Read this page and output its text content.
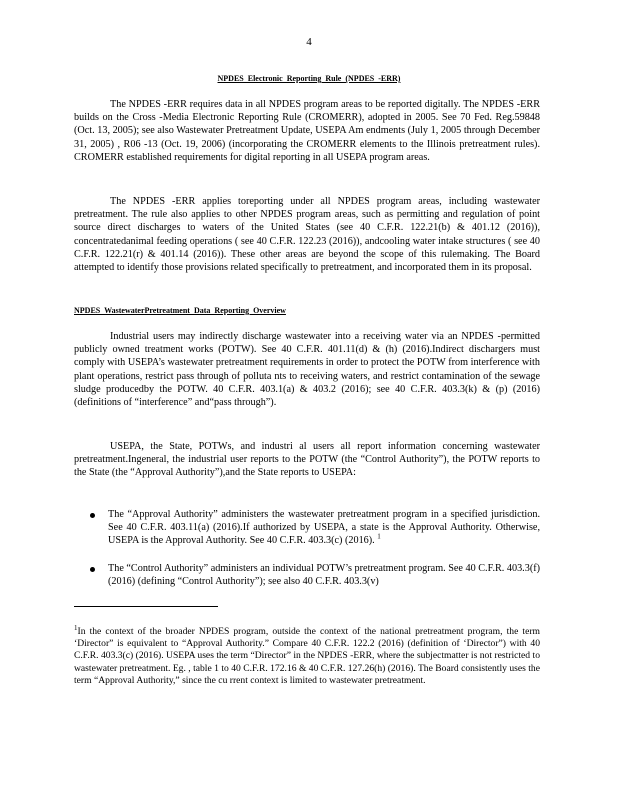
4
NPDES Electronic Reporting Rule (NPDES -ERR)

The NPDES -ERR requires data in all NPDES program areas to be reported digitally. The NPDES -ERR builds on the Cross -Media Electronic Reporting Rule (CROMERR), adopted in 2005. See 70 Fed. Reg.59848 (Oct. 13, 2005); see also Wastewater Pretreatment Update, USEPA Am endments (July 1, 2005 through December 31, 2005) , R06 -13 (Oct. 19, 2006) (incorporating the CROMERR elements to the Illinois pretreatment rules). CROMERR established requirements for digital reporting in all USEPA program areas.

The NPDES -ERR applies toreporting under all NPDES program areas, including wastewater pretreatment. The rule also applies to other NPDES program areas, such as permitting and regulation of point source direct discharges to waters of the United States (see 40 C.F.R. 122.21(b) & 401.12 (2016)), concentratedanimal feeding operations ( see 40 C.F.R. 122.23 (2016)), andcooling water intake structures ( see 40 C.F.R. 122.21(r) & 401.14 (2016)). These other areas are beyond the scope of this rulemaking. The Board attempted to identify those provisions related specifically to pretreatment, and incorporated them in its proposal.

NPDES WastewaterPretreatment Data Reporting Overview

Industrial users may indirectly discharge wastewater into a receiving water via an NPDES -permitted publicly owned treatment works (POTW). See 40 C.F.R. 401.11(d) & (h) (2016).Indirect dischargers must comply with USEPA’s wastewater pretreatment requirements in order to protect the POTW from interference with plant operations, restrict pass through of polluta nts to receiving waters, and restrict contamination of the sewage sludge producedby the POTW. 40 C.F.R. 403.1(a) & 403.2 (2016); see 40 C.F.R. 403.3(k) & (p) (2016) (definitions of “interference” and“pass through”).

USEPA, the State, POTWs, and industri al users all report information concerning wastewater pretreatment.Ingeneral, the industrial user reports to the POTW (the “Control Authority”), the POTW reports to the State (the “Approval Authority”),and the State reports to USEPA:

The “Approval Authority” administers the wastewater pretreatment program in a specified jurisdiction. See 40 C.F.R. 403.11(a) (2016).If authorized by USEPA, a state is the Approval Authority. Otherwise, USEPA is the Approval Authority. See 40 C.F.R. 403.3(c) (2016). $^1$
The “Control Authority” administers an individual POTW’s pretreatment program. See 40 C.F.R. 403.3(f) (2016) (defining “Control Authority”); see also 40 C.F.R. 403.3(v)

$^1$In the context of the broader NPDES program, outside the context of the national pretreatment program, the term ‘Director” is equivalent to “Approval Authority.” Compare 40 C.F.R. 122.2 (2016) (definition of ‘Director”) with 40 C.F.R. 403.3(c) (2016). USEPA uses the term “Director” in the NPDES -ERR, where the subjectmatter is not restricted to wastewater pretreatment. Eg. , table 1 to 40 C.F.R. 172.16 & 40 C.F.R. 127.26(h) (2016). The Board consistently uses the term “Approval Authority,” since the cu rrent context is limited to wastewater pretreatment.
